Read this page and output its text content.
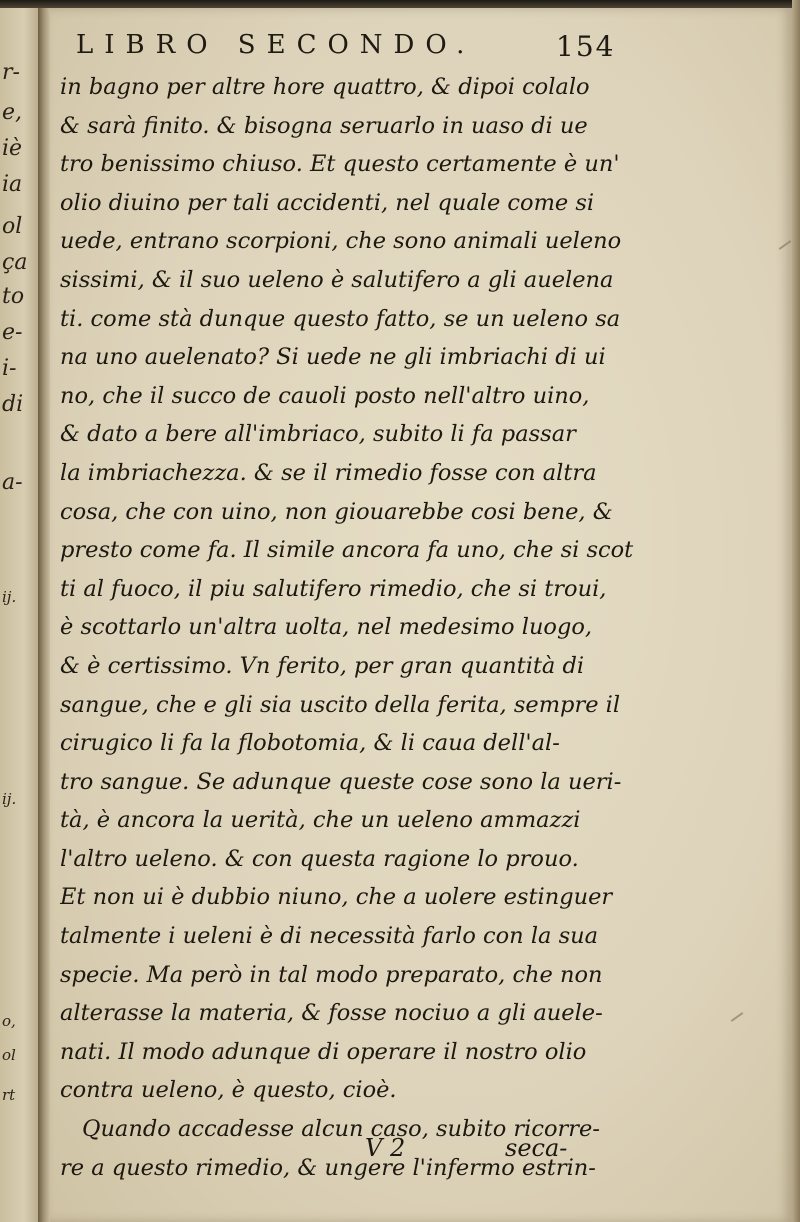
r-
e,
iè
ia
ol
ça
to
e-
i-
di
a-
ij.
ij.
o,
ol
rt
LIBRO SECONDO.	154
in bagno per altre hore quattro, & dipoi colalo
& sarà finito. & bisogna seruarlo in uaso di ue
tro benissimo chiuso. Et questo certamente è un'
olio diuino per tali accidenti, nel quale come si
uede, entrano scorpioni, che sono animali ueleno
sissimi, & il suo ueleno è salutifero a gli auelena
ti. come stà dunque questo fatto, se un ueleno sa
na uno auelenato? Si uede ne gli imbriachi di ui
no, che il succo de cauoli posto nell'altro uino,
& dato a bere all'imbriaco, subito li fa passar
la imbriachezza. & se il rimedio fosse con altra
cosa, che con uino, non giouarebbe cosi bene, &
presto come fa. Il simile ancora fa uno, che si scot
ti al fuoco, il piu salutifero rimedio, che si troui,
è scottarlo un'altra uolta, nel medesimo luogo,
& è certissimo. Vn ferito, per gran quantità di
sangue, che e gli sia uscito della ferita, sempre il
cirugico li fa la flobotomia, & li caua dell'al-
tro sangue. Se adunque queste cose sono la ueri-
tà, è ancora la uerità, che un ueleno ammazzi
l'altro ueleno. & con questa ragione lo prouo.
Et non ui è dubbio niuno, che a uolere estinguer
talmente i ueleni è di necessità farlo con la sua
specie. Ma però in tal modo preparato, che non
alterasse la materia, & fosse nociuo a gli auele-
nati. Il modo adunque di operare il nostro olio
contra ueleno, è questo, cioè.
Quando accadesse alcun caso, subito ricorre-
re a questo rimedio, & ungere l'infermo estrin-
V 2	seca-
